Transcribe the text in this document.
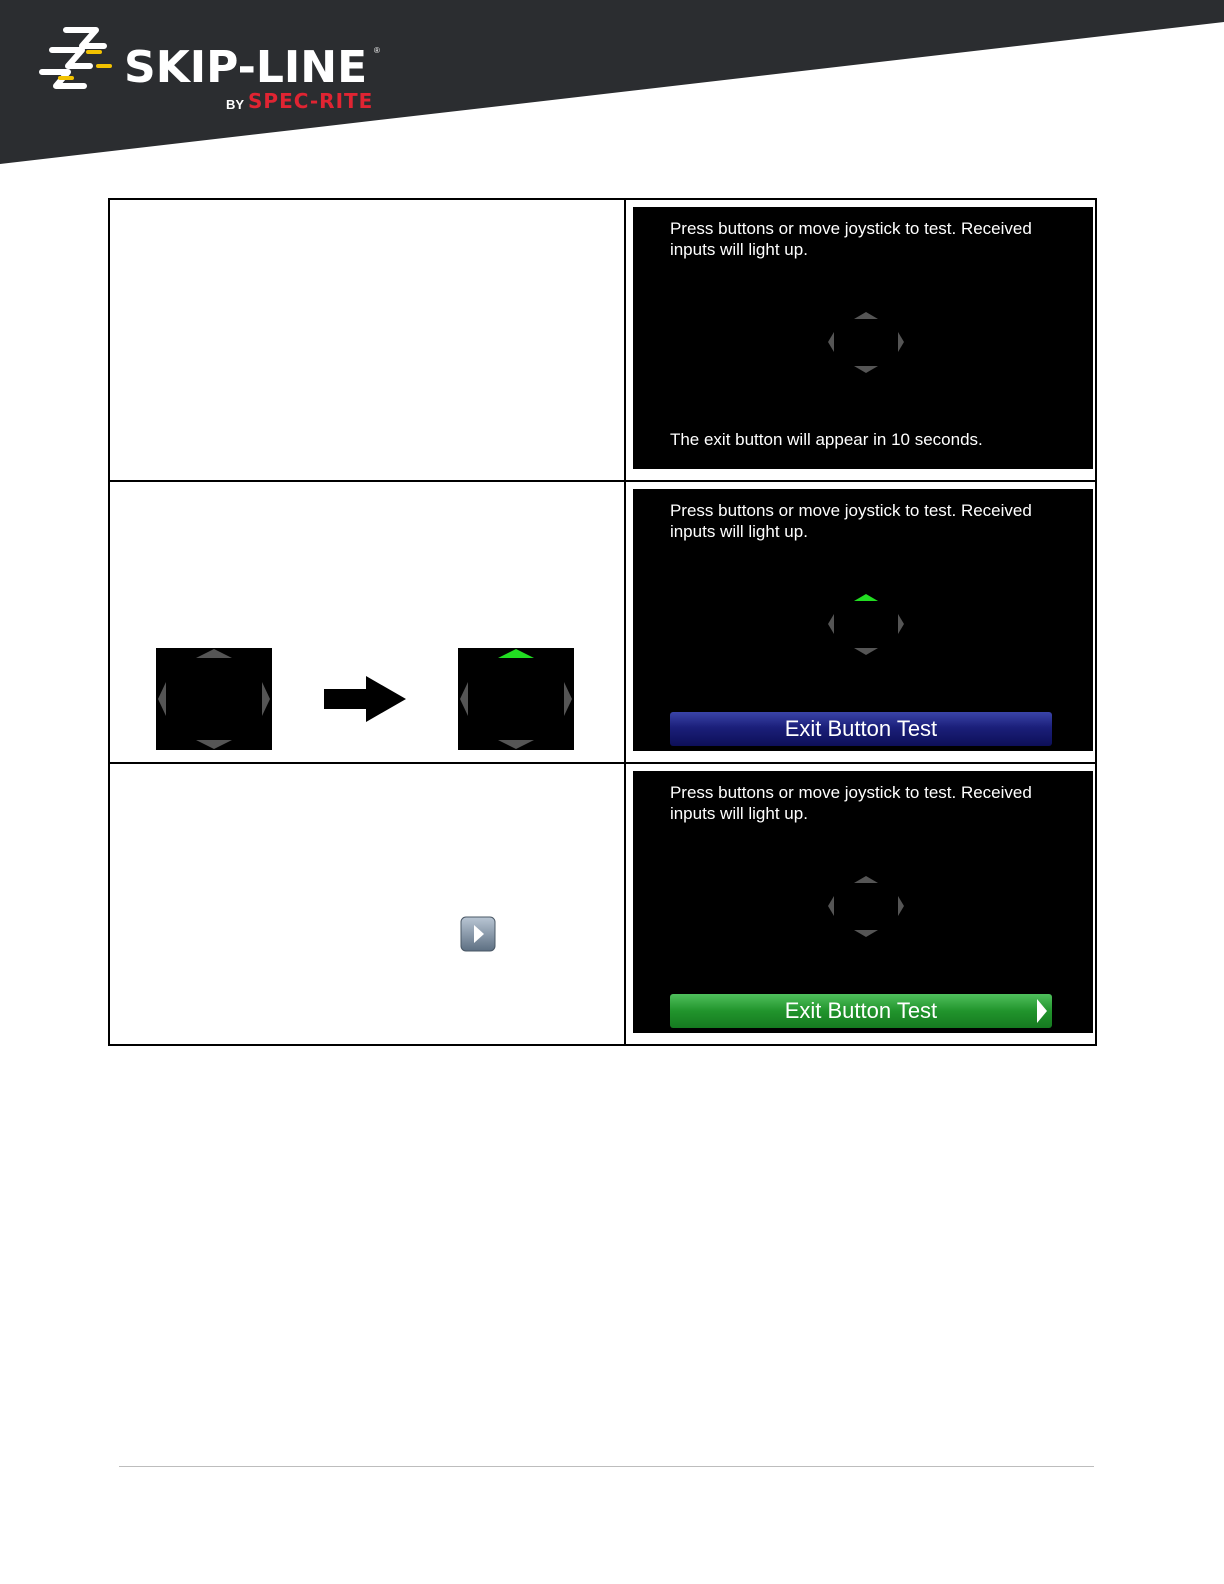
SKIP-LINE ®
BY SPEC-RITE

	Press buttons or move joystick to test. Received inputs will light up.
The exit button will appear in 10 seconds.

Press buttons or move joystick to test. Received inputs will light up.
Exit Button Test

Press buttons or move joystick to test. Received inputs will light up.
Exit Button Test
